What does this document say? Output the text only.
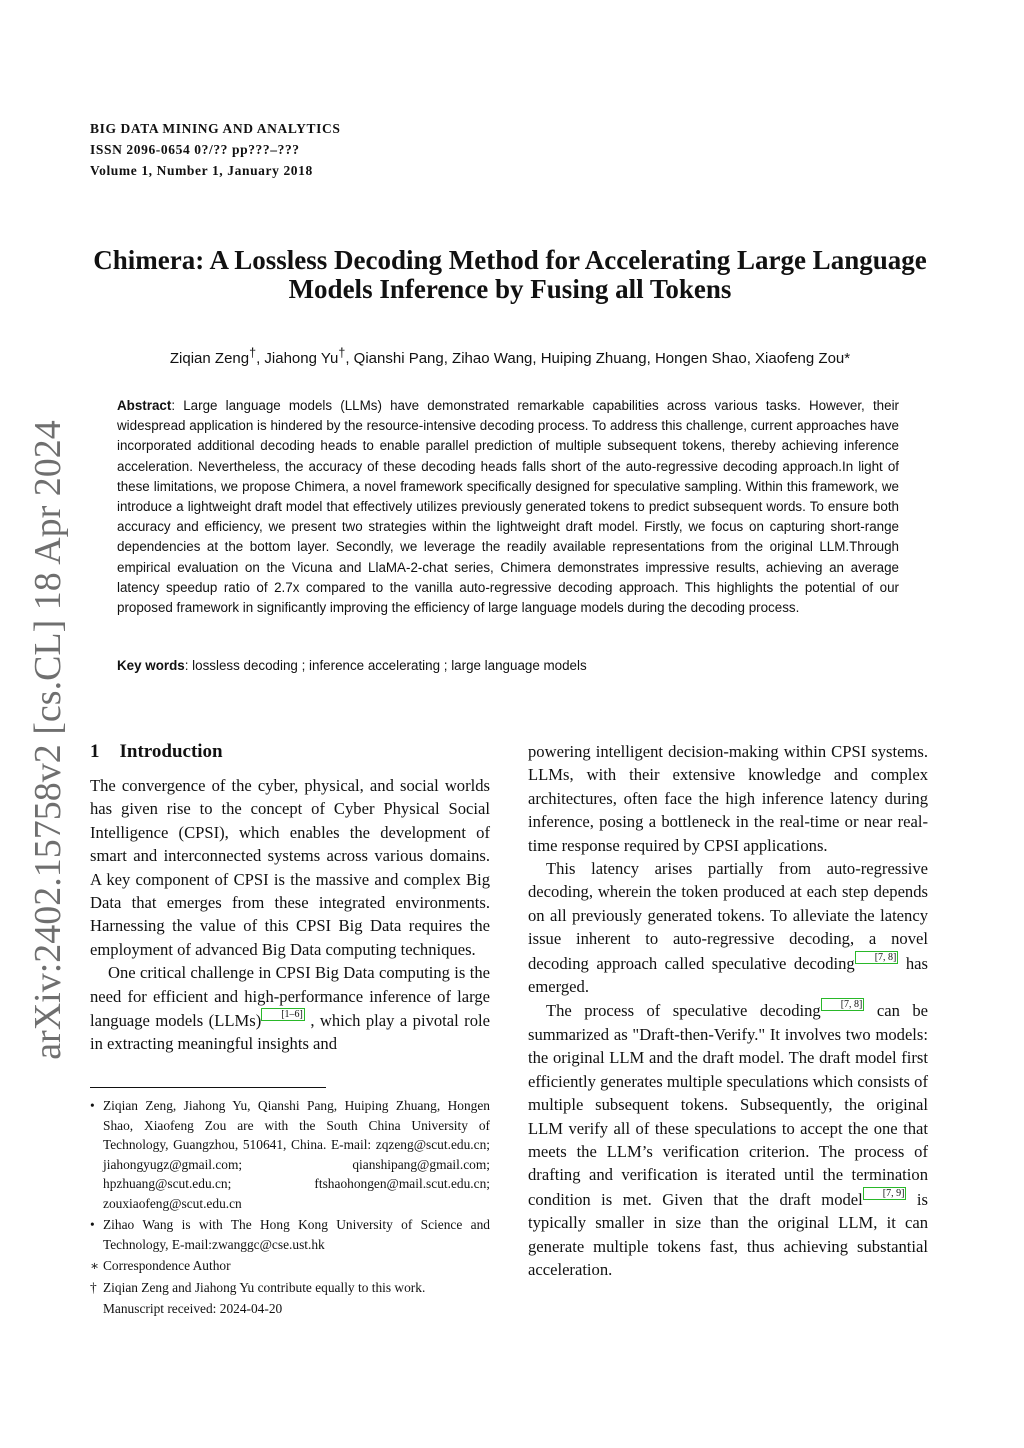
BIG DATA MINING AND ANALYTICS
ISSN 2096-0654 0?/?? pp???–???
Volume 1, Number 1, January 2018
arXiv:2402.15758v2 [cs.CL] 18 Apr 2024
Chimera: A Lossless Decoding Method for Accelerating Large Language Models Inference by Fusing all Tokens
Ziqian Zeng†, Jiahong Yu†, Qianshi Pang, Zihao Wang, Huiping Zhuang, Hongen Shao, Xiaofeng Zou*
Abstract: Large language models (LLMs) have demonstrated remarkable capabilities across various tasks. However, their widespread application is hindered by the resource-intensive decoding process. To address this challenge, current approaches have incorporated additional decoding heads to enable parallel prediction of multiple subsequent tokens, thereby achieving inference acceleration. Nevertheless, the accuracy of these decoding heads falls short of the auto-regressive decoding approach.In light of these limitations, we propose Chimera, a novel framework specifically designed for speculative sampling. Within this framework, we introduce a lightweight draft model that effectively utilizes previously generated tokens to predict subsequent words. To ensure both accuracy and efficiency, we present two strategies within the lightweight draft model. Firstly, we focus on capturing short-range dependencies at the bottom layer. Secondly, we leverage the readily available representations from the original LLM.Through empirical evaluation on the Vicuna and LlaMA-2-chat series, Chimera demonstrates impressive results, achieving an average latency speedup ratio of 2.7x compared to the vanilla auto-regressive decoding approach. This highlights the potential of our proposed framework in significantly improving the efficiency of large language models during the decoding process.
Key words: lossless decoding ; inference accelerating ; large language models
1 Introduction

The convergence of the cyber, physical, and social worlds has given rise to the concept of Cyber Physical Social Intelligence (CPSI), which enables the development of smart and interconnected systems across various domains. A key component of CPSI is the massive and complex Big Data that emerges from these integrated environments. Harnessing the value of this CPSI Big Data requires the employment of advanced Big Data computing techniques.

One critical challenge in CPSI Big Data computing is the need for efficient and high-performance inference of large language models (LLMs) [1–6] , which play a pivotal role in extracting meaningful insights and

• Ziqian Zeng, Jiahong Yu, Qianshi Pang, Huiping Zhuang, Hongen Shao, Xiaofeng Zou are with the South China University of Technology, Guangzhou, 510641, China. E-mail: zqzeng@scut.edu.cn; jiahongyugz@gmail.com; qianshipang@gmail.com; hpzhuang@scut.edu.cn; ftshaohongen@mail.scut.edu.cn; zouxiaofeng@scut.edu.cn
• Zihao Wang is with The Hong Kong University of Science and Technology, E-mail:zwanggc@cse.ust.hk
∗ Correspondence Author
† Ziqian Zeng and Jiahong Yu contribute equally to this work.
Manuscript received: 2024-04-20

powering intelligent decision-making within CPSI systems. LLMs, with their extensive knowledge and complex architectures, often face the high inference latency during inference, posing a bottleneck in the real-time or near real-time response required by CPSI applications.

This latency arises partially from auto-regressive decoding, wherein the token produced at each step depends on all previously generated tokens. To alleviate the latency issue inherent to auto-regressive decoding, a novel decoding approach called speculative decoding [7, 8] has emerged.

The process of speculative decoding [7, 8] can be summarized as "Draft-then-Verify." It involves two models: the original LLM and the draft model. The draft model first efficiently generates multiple speculations which consists of multiple subsequent tokens. Subsequently, the original LLM verify all of these speculations to accept the one that meets the LLM’s verification criterion. The process of drafting and verification is iterated until the termination condition is met. Given that the draft model [7, 9] is typically smaller in size than the original LLM, it can generate multiple tokens fast, thus achieving substantial acceleration.
